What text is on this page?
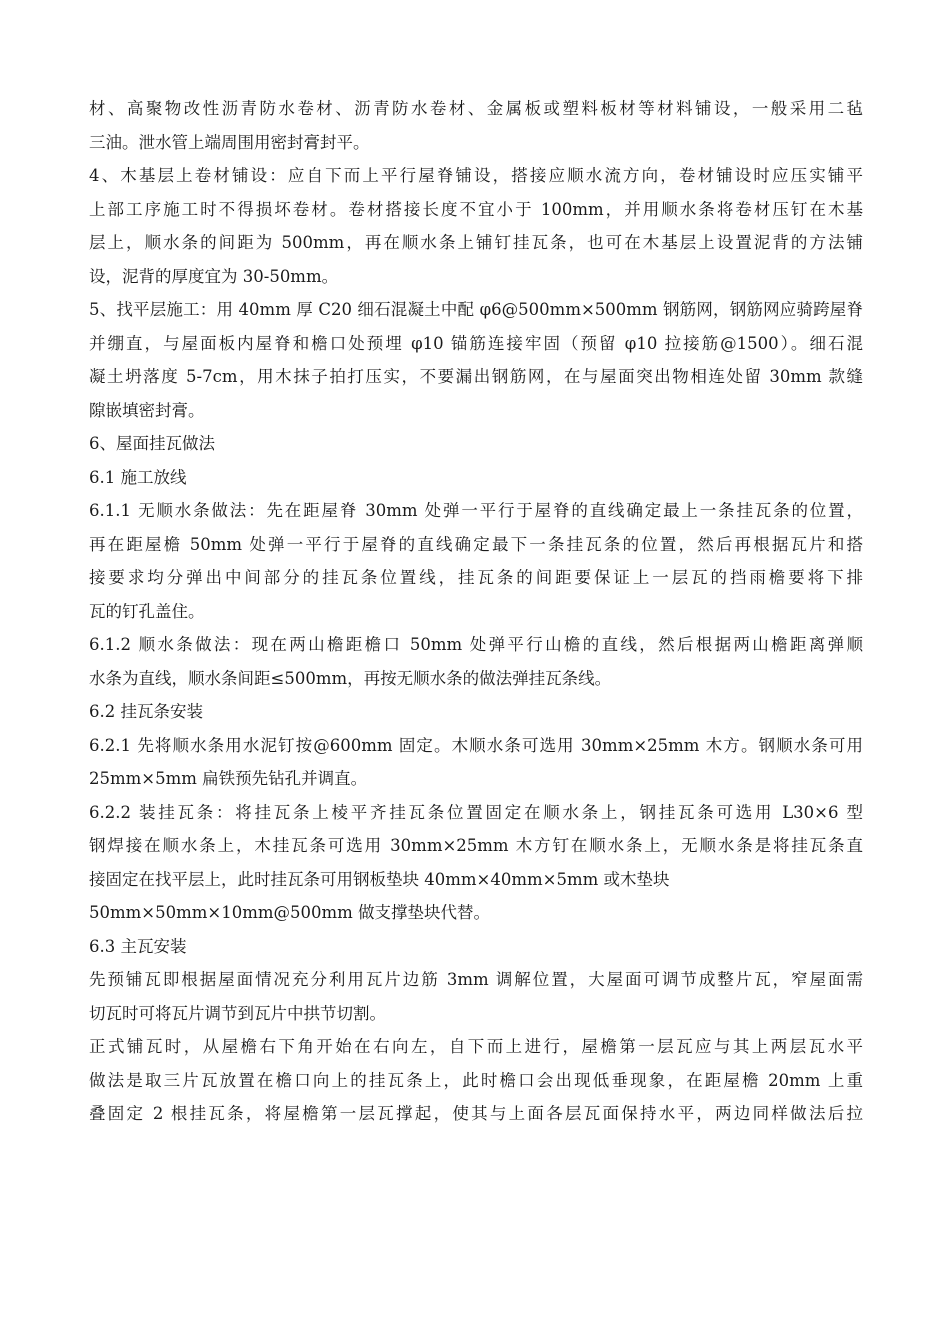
材、高聚物改性沥青防水卷材、沥青防水卷材、金属板或塑料板材等材料铺设，一般采用二毡
三油。泄水管上端周围用密封膏封平。
4、木基层上卷材铺设：应自下而上平行屋脊铺设，搭接应顺水流方向，卷材铺设时应压实铺平
上部工序施工时不得损坏卷材。卷材搭接长度不宜小于 100mm，并用顺水条将卷材压钉在木基
层上，顺水条的间距为 500mm，再在顺水条上铺钉挂瓦条，也可在木基层上设置泥背的方法铺
设，泥背的厚度宜为 30-50mm。
5、找平层施工：用 40mm 厚 C20 细石混凝土中配 φ6@500mm×500mm 钢筋网，钢筋网应骑跨屋脊
并绷直，与屋面板内屋脊和檐口处预埋 φ10 锚筋连接牢固（预留 φ10 拉接筋@1500）。细石混
凝土坍落度 5-7cm，用木抹子拍打压实，不要漏出钢筋网，在与屋面突出物相连处留 30mm 款缝
隙嵌填密封膏。
6、屋面挂瓦做法
6.1 施工放线
6.1.1 无顺水条做法：先在距屋脊 30mm 处弹一平行于屋脊的直线确定最上一条挂瓦条的位置，
再在距屋檐 50mm 处弹一平行于屋脊的直线确定最下一条挂瓦条的位置，然后再根据瓦片和搭
接要求均分弹出中间部分的挂瓦条位置线，挂瓦条的间距要保证上一层瓦的挡雨檐要将下排
瓦的钉孔盖住。
6.1.2 顺水条做法：现在两山檐距檐口 50mm 处弹平行山檐的直线，然后根据两山檐距离弹顺
水条为直线，顺水条间距≤500mm，再按无顺水条的做法弹挂瓦条线。
6.2 挂瓦条安装
6.2.1 先将顺水条用水泥钉按@600mm 固定。木顺水条可选用 30mm×25mm 木方。钢顺水条可用
25mm×5mm 扁铁预先钻孔并调直。
6.2.2 装挂瓦条：将挂瓦条上棱平齐挂瓦条位置固定在顺水条上，钢挂瓦条可选用 L30×6 型
钢焊接在顺水条上，木挂瓦条可选用 30mm×25mm 木方钉在顺水条上，无顺水条是将挂瓦条直
接固定在找平层上，此时挂瓦条可用钢板垫块 40mm×40mm×5mm 或木垫块
50mm×50mm×10mm@500mm 做支撑垫块代替。
6.3 主瓦安装
先预铺瓦即根据屋面情况充分利用瓦片边筋 3mm 调解位置，大屋面可调节成整片瓦，窄屋面需
切瓦时可将瓦片调节到瓦片中拱节切割。
正式铺瓦时，从屋檐右下角开始在右向左，自下而上进行，屋檐第一层瓦应与其上两层瓦水平
做法是取三片瓦放置在檐口向上的挂瓦条上，此时檐口会出现低垂现象，在距屋檐 20mm 上重
叠固定 2 根挂瓦条，将屋檐第一层瓦撑起，使其与上面各层瓦面保持水平，两边同样做法后拉
